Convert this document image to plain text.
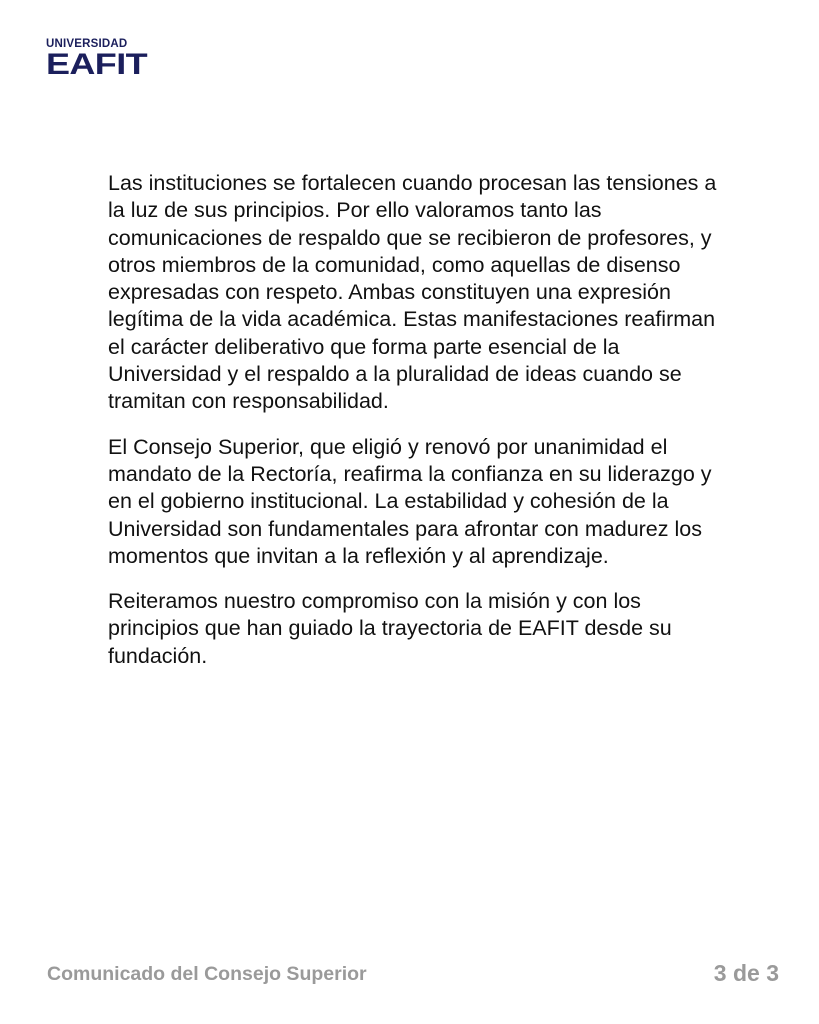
UNIVERSIDAD
EAFIT

Las instituciones se fortalecen cuando procesan las tensiones a la luz de sus principios. Por ello valoramos tanto las comunicaciones de respaldo que se recibieron de profesores, y otros miembros de la comunidad, como aquellas de disenso expresadas con respeto. Ambas constituyen una expresión legítima de la vida académica. Estas manifestaciones reafirman el carácter deliberativo que forma parte esencial de la Universidad y el respaldo a la pluralidad de ideas cuando se tramitan con responsabilidad.

El Consejo Superior, que eligió y renovó por unanimidad el mandato de la Rectoría, reafirma la confianza en su liderazgo y en el gobierno institucional. La estabilidad y cohesión de la Universidad son fundamentales para afrontar con madurez los momentos que invitan a la reflexión y al aprendizaje.

Reiteramos nuestro compromiso con la misión y con los principios que han guiado la trayectoria de EAFIT desde su fundación.

Comunicado del Consejo Superior	3 de 3
